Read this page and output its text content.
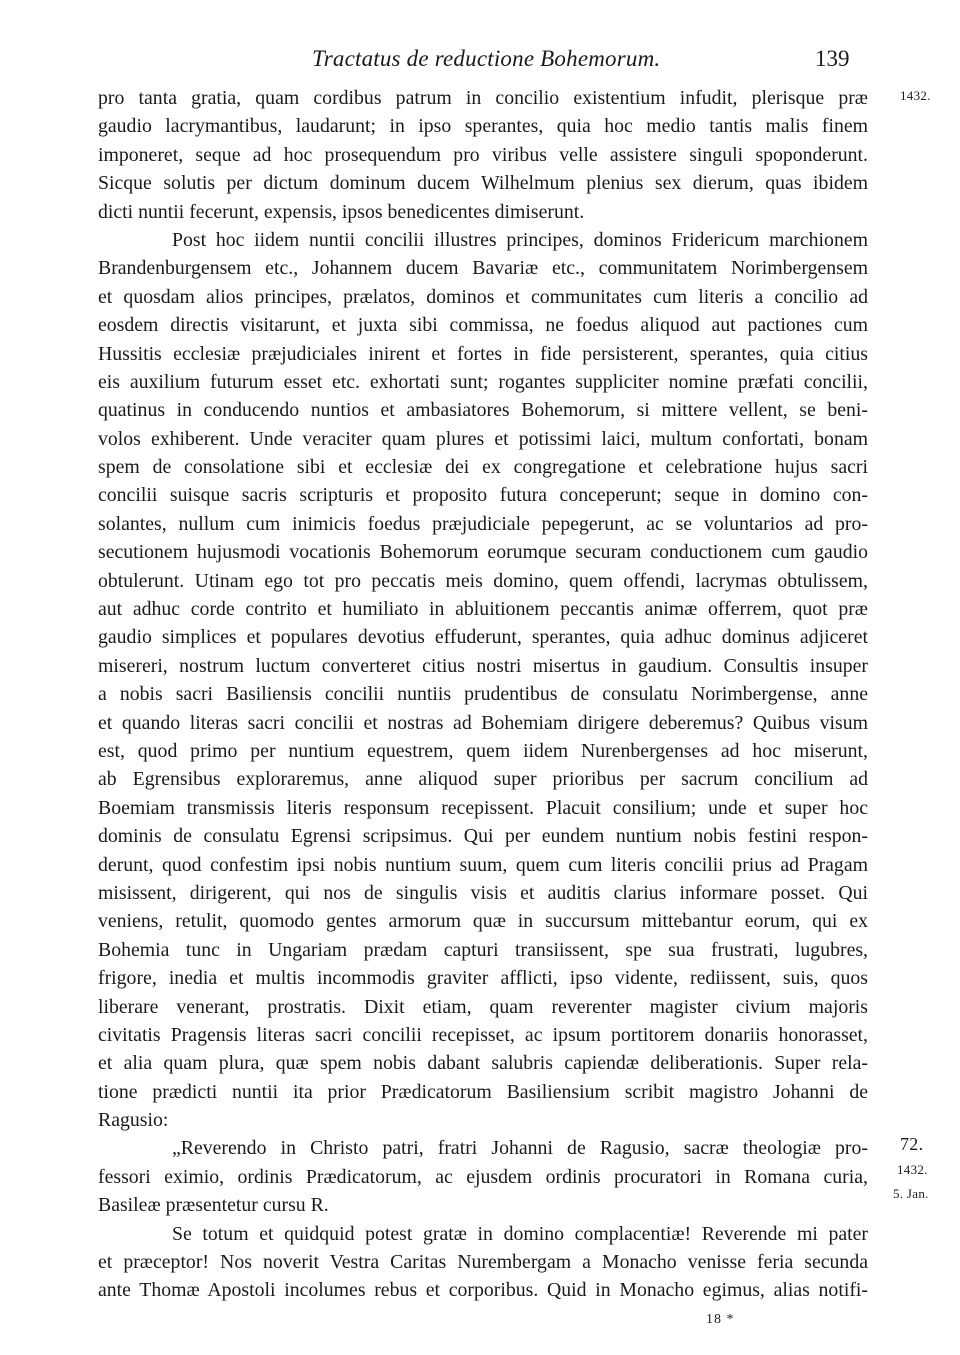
Tractatus de reductione Bohemorum.	139
1432.
72.
1432.
5. Jan.
pro tanta gratia, quam cordibus patrum in concilio existentium infudit, plerisque præ
gaudio lacrymantibus, laudarunt; in ipso sperantes, quia hoc medio tantis malis finem
imponeret, seque ad hoc prosequendum pro viribus velle assistere singuli spoponderunt.
Sicque solutis per dictum dominum ducem Wilhelmum plenius sex dierum, quas ibidem
dicti nuntii fecerunt, expensis, ipsos benedicentes dimiserunt.
Post hoc iidem nuntii concilii illustres principes, dominos Fridericum marchionem
Brandenburgensem etc., Johannem ducem Bavariæ etc., communitatem Norimbergensem
et quosdam alios principes, prælatos, dominos et communitates cum literis a concilio ad
eosdem directis visitarunt, et juxta sibi commissa, ne foedus aliquod aut pactiones cum
Hussitis ecclesiæ præjudiciales inirent et fortes in fide persisterent, sperantes, quia citius
eis auxilium futurum esset etc. exhortati sunt; rogantes suppliciter nomine præfati concilii,
quatinus in conducendo nuntios et ambasiatores Bohemorum, si mittere vellent, se beni-
volos exhiberent. Unde veraciter quam plures et potissimi laici, multum confortati, bonam
spem de consolatione sibi et ecclesiæ dei ex congregatione et celebratione hujus sacri
concilii suisque sacris scripturis et proposito futura conceperunt; seque in domino con-
solantes, nullum cum inimicis foedus præjudiciale pepegerunt, ac se voluntarios ad pro-
secutionem hujusmodi vocationis Bohemorum eorumque securam conductionem cum gaudio
obtulerunt. Utinam ego tot pro peccatis meis domino, quem offendi, lacrymas obtulissem,
aut adhuc corde contrito et humiliato in abluitionem peccantis animæ offerrem, quot præ
gaudio simplices et populares devotius effuderunt, sperantes, quia adhuc dominus adjiceret
misereri, nostrum luctum converteret citius nostri misertus in gaudium. Consultis insuper
a nobis sacri Basiliensis concilii nuntiis prudentibus de consulatu Norimbergense, anne
et quando literas sacri concilii et nostras ad Bohemiam dirigere deberemus? Quibus visum
est, quod primo per nuntium equestrem, quem iidem Nurenbergenses ad hoc miserunt,
ab Egrensibus exploraremus, anne aliquod super prioribus per sacrum concilium ad
Boemiam transmissis literis responsum recepissent. Placuit consilium; unde et super hoc
dominis de consulatu Egrensi scripsimus. Qui per eundem nuntium nobis festini respon-
derunt, quod confestim ipsi nobis nuntium suum, quem cum literis concilii prius ad Pragam
misissent, dirigerent, qui nos de singulis visis et auditis clarius informare posset. Qui
veniens, retulit, quomodo gentes armorum quæ in succursum mittebantur eorum, qui ex
Bohemia tunc in Ungariam prædam capturi transiissent, spe sua frustrati, lugubres,
frigore, inedia et multis incommodis graviter afflicti, ipso vidente, rediissent, suis, quos
liberare venerant, prostratis. Dixit etiam, quam reverenter magister civium majoris
civitatis Pragensis literas sacri concilii recepisset, ac ipsum portitorem donariis honorasset,
et alia quam plura, quæ spem nobis dabant salubris capiendæ deliberationis. Super rela-
tione prædicti nuntii ita prior Prædicatorum Basiliensium scribit magistro Johanni de
Ragusio:
„Reverendo in Christo patri, fratri Johanni de Ragusio, sacræ theologiæ pro-
fessori eximio, ordinis Prædicatorum, ac ejusdem ordinis procuratori in Romana curia,
Basileæ præsentetur cursu R.
Se totum et quidquid potest gratæ in domino complacentiæ! Reverende mi pater
et præceptor! Nos noverit Vestra Caritas Nurembergam a Monacho venisse feria secunda
ante Thomæ Apostoli incolumes rebus et corporibus. Quid in Monacho egimus, alias notifi-
18 *
